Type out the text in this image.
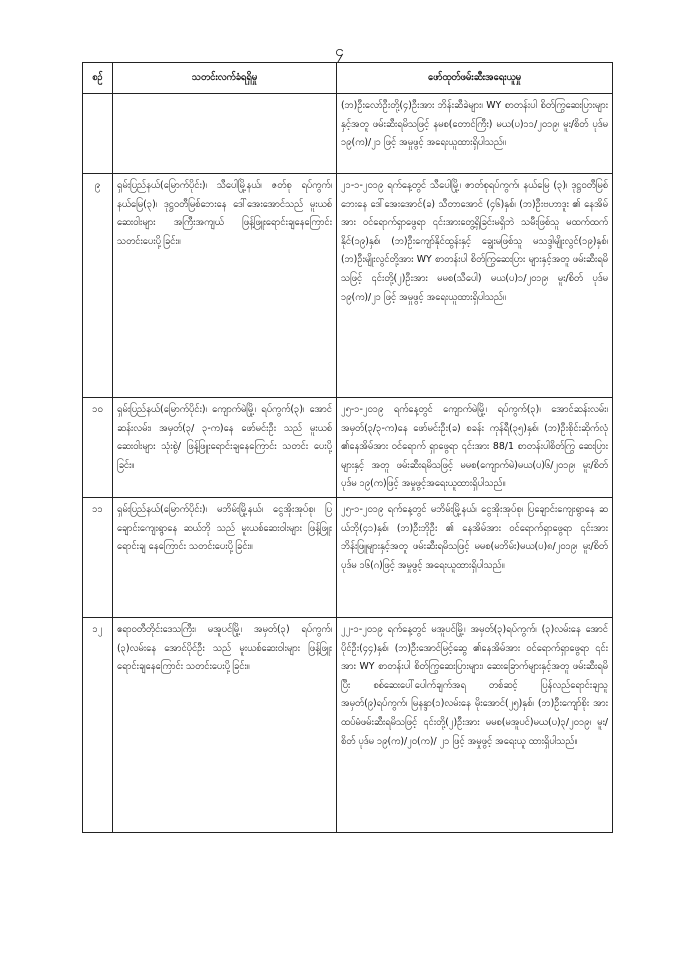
၄
စဉ်	သတင်းလက်ခံရရှိမှု	ဖော်ထုတ်ဖမ်းဆီးအရေးယူမှု
		(ဘ)ဦးလော်ဦးတို့(၄)ဦးအား ဘိန်းဆီခဲများ၊ WY စာတန်းပါ စိတ်ကြွဆေးပြားများနှင့်အတူ ဖမ်းဆီးရမိသဖြင့် နမစ(တောင်ကြီး) မယ(ပ)၁၁/၂၀၁၉၊ မူး/စိတ် ပုဒ်မ ၁၉(က)/၂၁ ဖြင့် အမှုဖွင့် အရေးယူထားရှိပါသည်။
၉	ရှမ်းပြည်နယ်(မြောက်ပိုင်း)၊ သီပေါမြို့နယ်၊ ဇတ်စု ရပ်ကွက်၊ နယ်မြေ(၃)၊ ဒုဋ္ဌဝတီမြစ်ဘေးနေ ဒေါ်အေးအောင်သည် မူးယစ်ဆေးဝါးများ အကြီးအကျယ် ဖြန့်ဖြူးရောင်းချနေကြောင်း သတင်းပေးပို့ခြင်း။	၂၁-၁-၂၀၁၉ ရက်နေ့တွင် သီပေါမြို့၊ ဇာတ်စုရပ်ကွက်၊ နယ်မြေ (၃)၊ ဒုဋ္ဌဝတီမြစ်ဘေးနေ ဒေါ်အေးအောင်(ခ) သီတာအောင် (၄၆)နှစ်၊ (ဘ)ဦးဗဟာဒူး ၏ နေအိမ်အား ဝင်ရောက်ရှာဖွေရာ ၎င်းအားတွေ့ရှိခြင်းမရှိဘဲ သမီးဖြစ်သူ မထက်ထက်နိုင်(၁၉)နှစ်၊ (ဘ)ဦးကျော်နိုင်ထွန်းနှင့် ချွေးမဖြစ်သူ မသဒ္ဒါမျိုးလွင်(၁၉)နှစ်၊ (ဘ)ဦးမျိုးလွင်တို့အား WY စာတန်းပါ စိတ်ကြွဆေးပြား များနှင့်အတူ ဖမ်းဆီးရမိသဖြင့် ၎င်းတို့(၂)ဦးအား မမစ(သီပေါ) မယ(ပ)၁/၂၀၁၉၊ မူး/စိတ် ပုဒ်မ ၁၉(က)/၂၁ ဖြင့် အမှုဖွင့် အရေးယူထားရှိပါသည်။
၁၀	ရှမ်းပြည်နယ်(မြောက်ပိုင်း)၊ ကျောက်မဲမြို့၊ ရပ်ကွက်(၃)၊ အောင်ဆန်းလမ်း၊ အမှတ်(၃/ ၃-က)နေ ဖော်မင်းဦး သည် မူးယစ်ဆေးဝါးများ သုံးစွဲ/ ဖြန့်ဖြူးရောင်းချနေကြောင်း သတင်း ပေးပို့ခြင်း။	၂၅-၁-၂၀၁၉ ရက်နေ့တွင် ကျောက်မဲမြို့၊ ရပ်ကွက်(၃)၊ အောင်ဆန်းလမ်း၊ အမှတ်(၃/၃-က)နေ ဖော်မင်းဦး(ခ) စခန်း ကုန်ရီ(၃၅)နှစ်၊ (ဘ)ဦးစိုင်းဆိုက်လုံ ၏နေအိမ်အား ဝင်ရောက် ရှာဖွေရာ ၎င်းအား 88/1 စာတန်းပါစိတ်ကြွ ဆေးပြားများနှင့် အတူ ဖမ်းဆီးရမိသဖြင့် မမစ(ကျောက်မဲ)မယ(ပ)၆/၂၀၁၉၊ မူး/စိတ် ပုဒ်မ ၁၉(က)ဖြင့် အမှုဖွင့်အရေးယူထားရှိပါသည်။
၁၁	ရှမ်းပြည်နယ်(မြောက်ပိုင်း)၊ မဘိမ်းမြို့နယ်၊ ငွေအိုးအုပ်စု၊ ပြချောင်းကျေးရွာနေ ဆယ်ဘို သည် မူးယစ်ဆေးဝါးများ ဖြန့်ဖြူးရောင်းချ နေကြောင်း သတင်းပေးပို့ခြင်း။	၂၅-၁-၂၀၁၉ ရက်နေ့တွင် မဘိမ်းမြို့နယ်၊ ငွေအိုးအုပ်စု၊ ပြချောင်းကျေးရွာနေ ဆယ်ဘို(၄၁)နှစ်၊ (ဘ)ဦးဘိုဦး ၏ နေအိမ်အား ဝင်ရောက်ရှာဖွေရာ ၎င်းအား ဘိန်းဖြူများနှင့်အတူ ဖမ်းဆီးရမိသဖြင့် မမစ(မဘိမ်း)မယ(ပ)၈/၂၀၁၉၊ မူး/စိတ်ပုဒ်မ ၁၆(ဂ)ဖြင့် အမှုဖွင့် အရေးယူထားရှိပါသည်။
၁၂	ဧရာဝတီတိုင်းဒေသကြီး၊ မအူပင်မြို့၊ အမှတ်(၃) ရပ်ကွက်၊ (၃)လမ်းနေ အောင်ပိုင်ဦး သည် မူးယစ်ဆေးဝါးများ ဖြန့်ဖြူးရောင်းချနေကြောင်း သတင်းပေးပို့ခြင်း။	၂၂-၁-၂၀၁၉ ရက်နေ့တွင် မအူပင်မြို့၊ အမှတ်(၃)ရပ်ကွက်၊ (၃)လမ်းနေ အောင်ပိုင်ဦး(၄၄)နှစ်၊ (ဘ)ဦးအောင်မြင့်ဆွေ ၏နေအိမ်အား ဝင်ရောက်ရှာဖွေရာ ၎င်းအား WY စာတန်းပါ စိတ်ကြွဆေးပြားများ၊ ဆေးခြောက်များနှင့်အတူ ဖမ်းဆီးရမိပြီး စစ်ဆေးပေါ်ပေါက်ချက်အရ တစ်ဆင့် ပြန်လည်ရောင်းချသူ အမှတ်(၉)ရပ်ကွက်၊ မြနန္ဒာ(၁)လမ်းနေ မိုးအောင်(၂၅)နှစ်၊ (ဘ)ဦးကျော်စိုး အား ထပ်မံဖမ်းဆီးရမိသဖြင့် ၎င်းတို့(၂)ဦးအား မမစ(မအူပင်)မယ(ပ)၃/၂၀၁၉၊ မူး/စိတ် ပုဒ်မ ၁၉(က)/၂၀(က)/ ၂၁ ဖြင့် အမှုဖွင့် အရေးယူ ထားရှိပါသည်။
